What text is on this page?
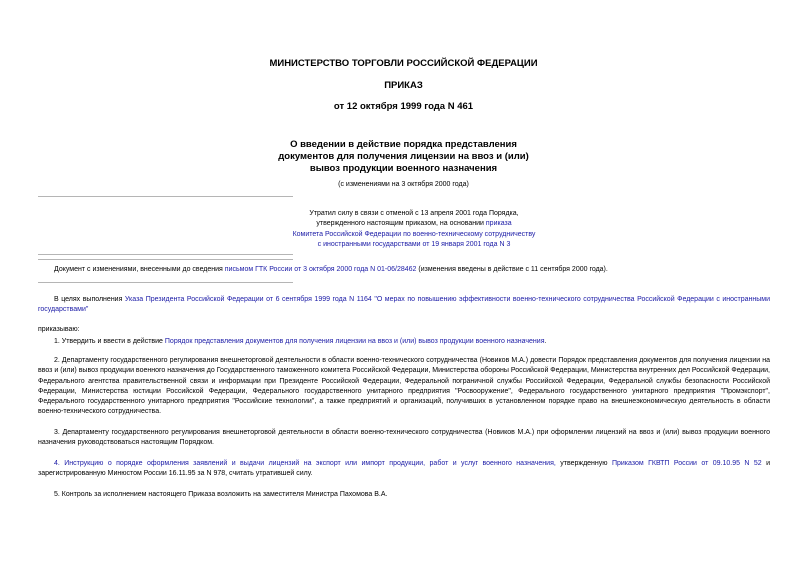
МИНИСТЕРСТВО ТОРГОВЛИ РОССИЙСКОЙ ФЕДЕРАЦИИ
ПРИКАЗ
от 12 октября 1999 года N 461
О введении в действие порядка представления
документов для получения лицензии на ввоз и (или)
вывоз продукции военного назначения
(с изменениями на 3 октября 2000 года)
Утратил силу в связи с отменой с 13 апреля 2001 года Порядка,
утвержденного настоящим приказом, на основании приказа
Комитета Российской Федерации по военно-техническому сотрудничеству
с иностранными государствами от 19 января 2001 года N 3
Документ с изменениями, внесенными до сведения письмом ГТК России от 3 октября 2000 года N 01-06/28462 (изменения введены в действие с 11 сентября 2000 года).
В целях выполнения Указа Президента Российской Федерации от 6 сентября 1999 года N 1164 "О мерах по повышению эффективности военно-технического сотрудничества Российской Федерации с иностранными государствами"
приказываю:
1. Утвердить и ввести в действие Порядок представления документов для получения лицензии на ввоз и (или) вывоз продукции военного назначения.
2. Департаменту государственного регулирования внешнеторговой деятельности в области военно-технического сотрудничества (Новиков М.А.) довести Порядок представления документов для получения лицензии на ввоз и (или) вывоз продукции военного назначения до Государственного таможенного комитета Российской Федерации, Министерства обороны Российской Федерации, Министерства внутренних дел Российской Федерации, Федерального агентства правительственной связи и информации при Президенте Российской Федерации, Федеральной пограничной службы Российской Федерации, Федеральной службы безопасности Российской Федерации, Министерства юстиции Российской Федерации, Федерального государственного унитарного предприятия "Росвооружение", Федерального государственного унитарного предприятия "Промэкспорт", Федерального государственного унитарного предприятия "Российские технологии", а также предприятий и организаций, получивших в установленном порядке право на внешнеэкономическую деятельность в области военно-технического сотрудничества.
3. Департаменту государственного регулирования внешнеторговой деятельности в области военно-технического сотрудничества (Новиков М.А.) при оформлении лицензий на ввоз и (или) вывоз продукции военного назначения руководствоваться настоящим Порядком.
4. Инструкцию о порядке оформления заявлений и выдачи лицензий на экспорт или импорт продукции, работ и услуг военного назначения, утвержденную Приказом ГКВТП России от 09.10.95 N 52 и зарегистрированную Минюстом России 16.11.95 за N 978, считать утратившей силу.
5. Контроль за исполнением настоящего Приказа возложить на заместителя Министра Пахомова В.А.
